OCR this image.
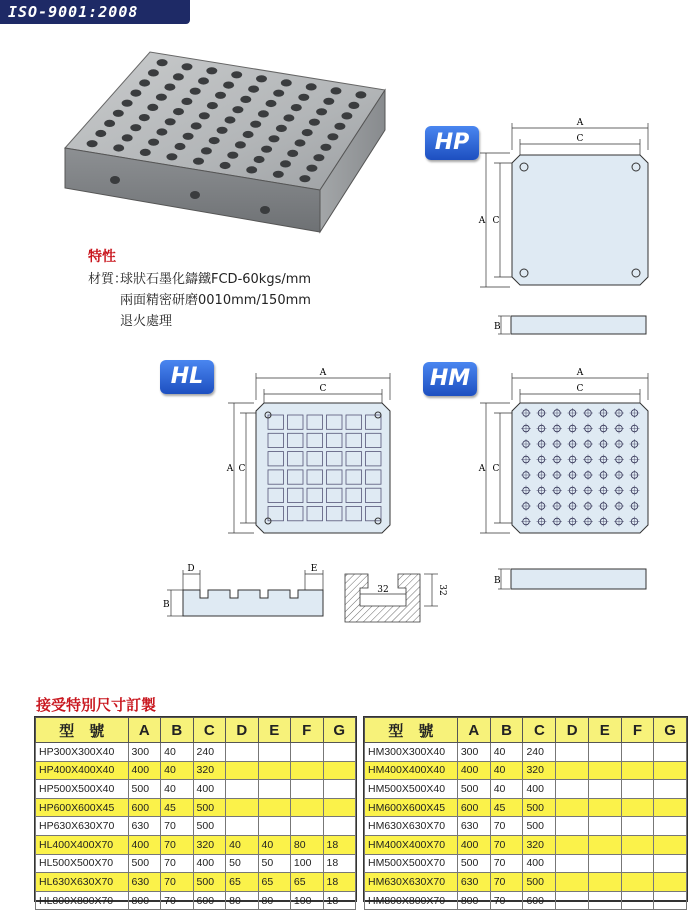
ISO-9001:2008
HP
HL	HM
特性
材質：
球狀石墨化鑄鐵FCD-60kgs/mm
兩面精密研磨0010mm/150mm
退火處理
A
C
A C
B
A
C
A C
D	E
B
32	32
A
C
A C
B
接受特別尺寸訂製
型　號	A	B	C	D	E	F	G
HP300X300X40	300	40	240				
HP400X400X40	400	40	320				
HP500X500X40	500	40	400				
HP600X600X45	600	45	500				
HP630X630X70	630	70	500				
HL400X400X70	400	70	320	40	40	80	18
HL500X500X70	500	70	400	50	50	100	18
HL630X630X70	630	70	500	65	65	65	18
HL800X800X70	800	70	600	80	80	100	18
型　號	A	B	C	D	E	F	G
HM300X300X40	300	40	240				
HM400X400X40	400	40	320				
HM500X500X40	500	40	400				
HM600X600X45	600	45	500				
HM630X630X70	630	70	500				
HM400X400X70	400	70	320				
HM500X500X70	500	70	400				
HM630X630X70	630	70	500				
HM800X800X70	800	70	600				
